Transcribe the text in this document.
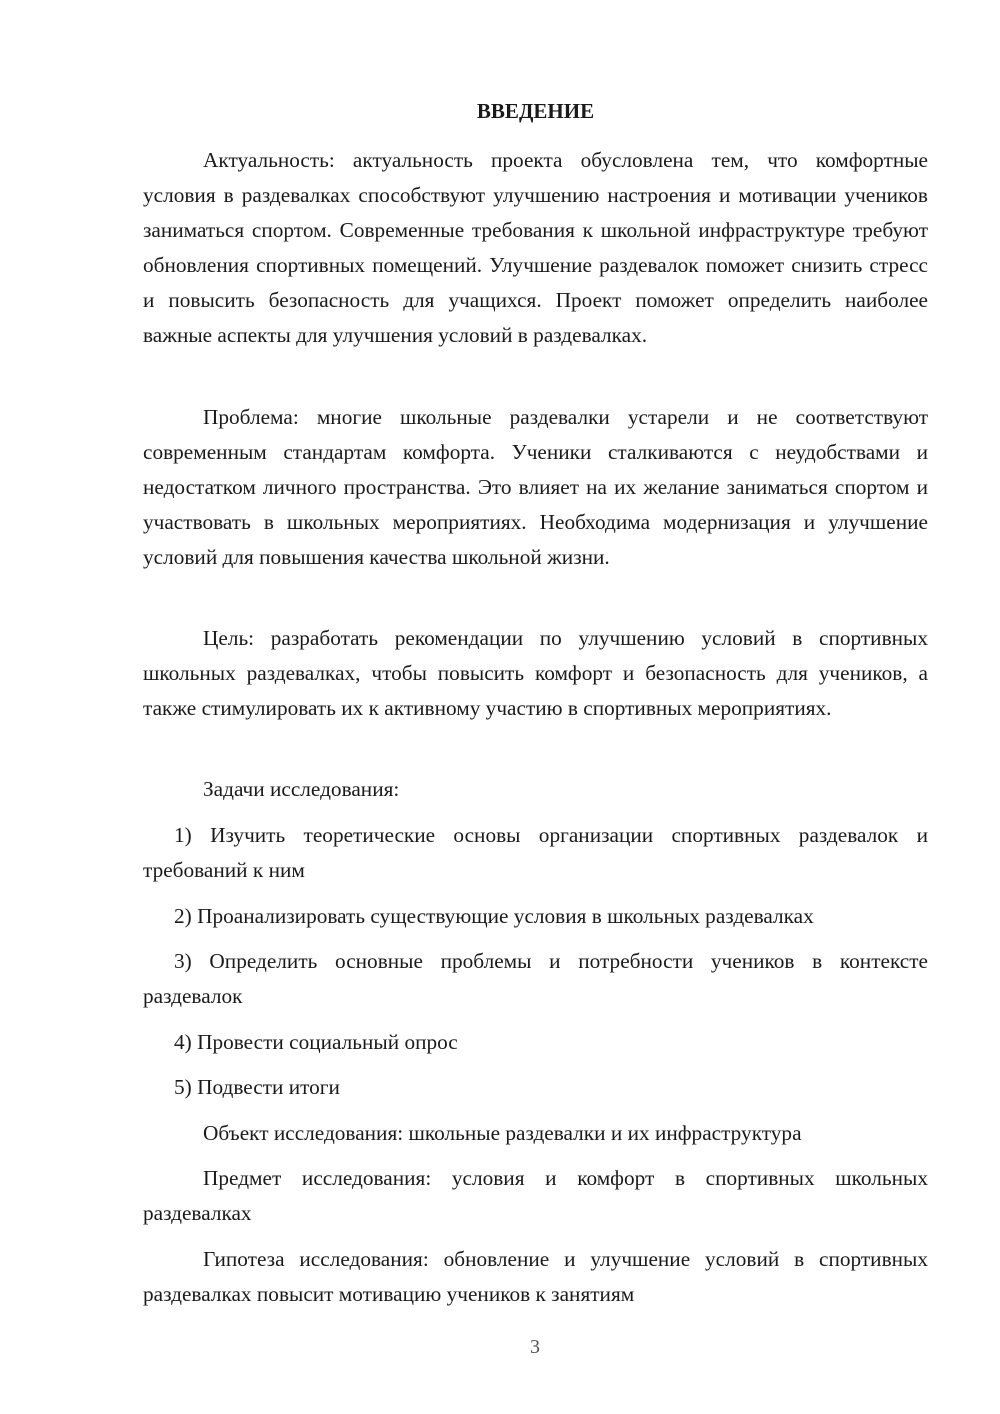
ВВЕДЕНИЕ

Актуальность: актуальность проекта обусловлена тем, что комфортные условия в раздевалках способствуют улучшению настроения и мотивации учеников заниматься спортом. Современные требования к школьной инфраструктуре требуют обновления спортивных помещений. Улучшение раздевалок поможет снизить стресс и повысить безопасность для учащихся. Проект поможет определить наиболее важные аспекты для улучшения условий в раздевалках.

Проблема: многие школьные раздевалки устарели и не соответствуют современным стандартам комфорта. Ученики сталкиваются с неудобствами и недостатком личного пространства. Это влияет на их желание заниматься спортом и участвовать в школьных мероприятиях. Необходима модернизация и улучшение условий для повышения качества школьной жизни.

Цель: разработать рекомендации по улучшению условий в спортивных школьных раздевалках, чтобы повысить комфорт и безопасность для учеников, а также стимулировать их к активному участию в спортивных мероприятиях.

Задачи исследования:

1) Изучить теоретические основы организации спортивных раздевалок и требований к ним

2) Проанализировать существующие условия в школьных раздевалках

3) Определить основные проблемы и потребности учеников в контексте раздевалок

4) Провести социальный опрос

5) Подвести итоги

Объект исследования: школьные раздевалки и их инфраструктура

Предмет исследования: условия и комфорт в спортивных школьных раздевалках

Гипотеза исследования: обновление и улучшение условий в спортивных раздевалках повысит мотивацию учеников к занятиям

3
